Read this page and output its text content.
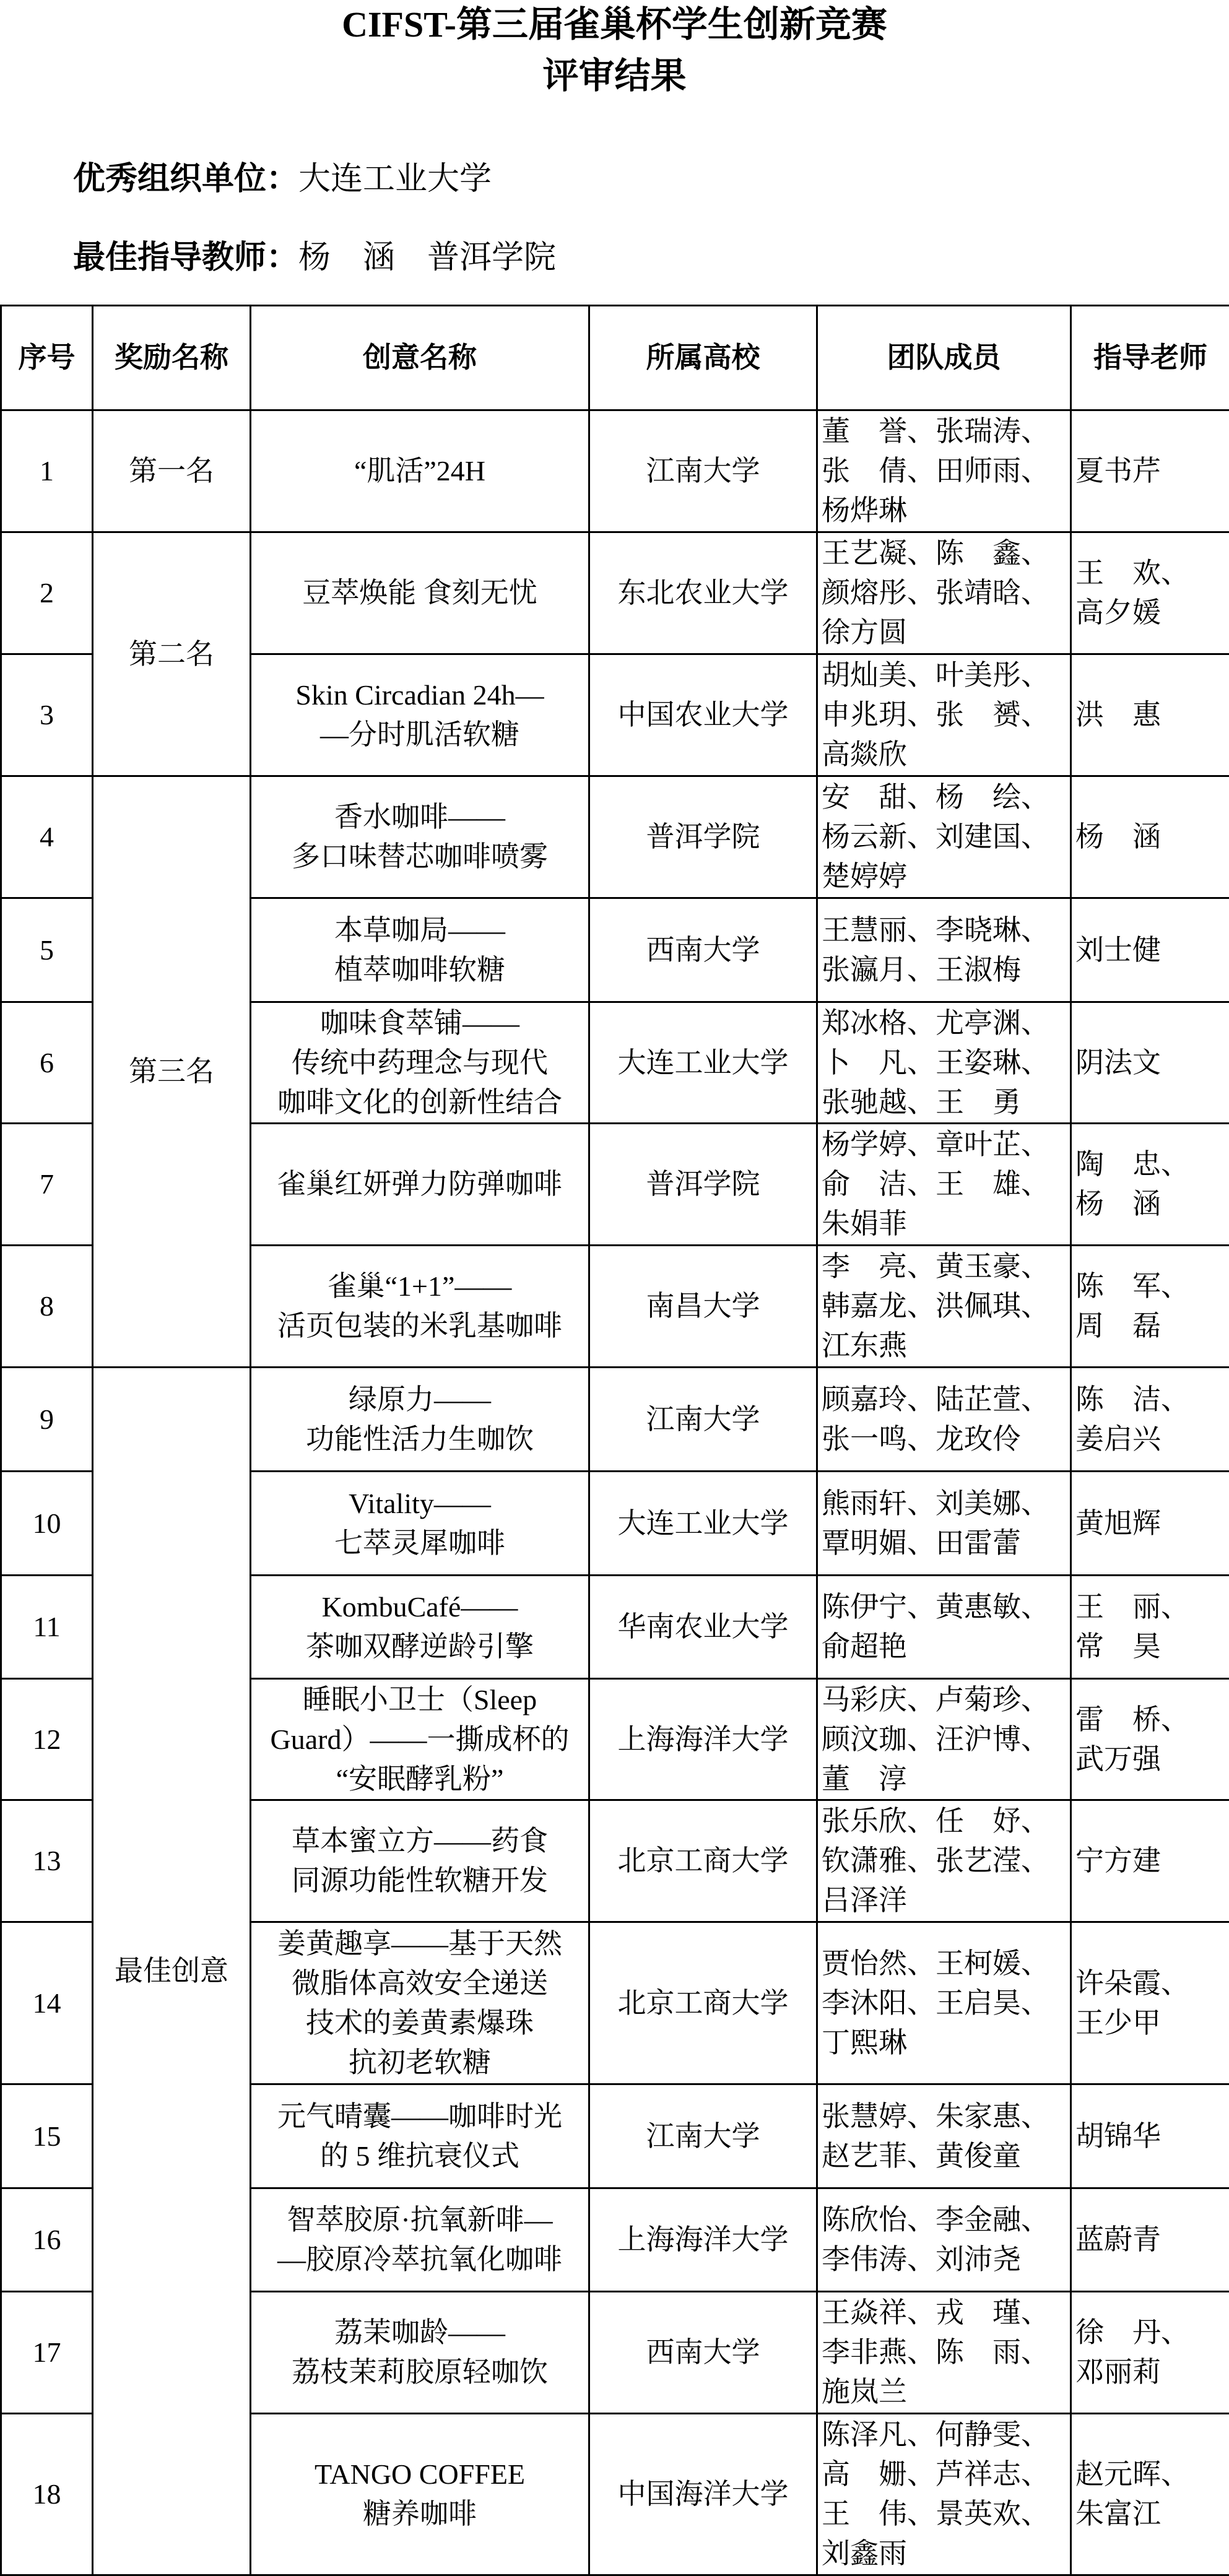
CIFST-第三届雀巢杯学生创新竞赛
评审结果
优秀组织单位：大连工业大学
最佳指导教师：杨　涵　普洱学院
序号	奖励名称	创意名称	所属高校	团队成员	指导老师
1	第一名	“肌活”24H	江南大学	董　誉、张瑞涛、
张　倩、田师雨、
杨烨琳	夏书芹

2	第二名	豆萃焕能 食刻无忧	东北农业大学	王艺凝、陈　鑫、
颜熔彤、张靖晗、
徐方圆	王　欢、
高夕媛

3		Skin Circadian 24h—
—分时肌活软糖	中国农业大学	胡灿美、叶美彤、
申兆玥、张　赟、
高燚欣	洪　惠

4	第三名	香水咖啡——
多口味替芯咖啡喷雾	普洱学院	安　甜、杨　绘、
杨云新、刘建国、
楚婷婷	杨　涵

5		本草咖局——
植萃咖啡软糖	西南大学	王慧丽、李晓琳、
张瀛月、王淑梅	刘士健

6		咖味食萃铺——
传统中药理念与现代
咖啡文化的创新性结合	大连工业大学	郑冰格、尤亭渊、
卜　凡、王姿琳、
张驰越、王　勇	阴法文

7		雀巢红妍弹力防弹咖啡	普洱学院	杨学婷、章叶芷、
俞　洁、王　雄、
朱娟菲	陶　忠、
杨　涵

8		雀巢“1+1”——
活页包装的米乳基咖啡	南昌大学	李　亮、黄玉豪、
韩嘉龙、洪佩琪、
江东燕	陈　军、
周　磊

9	最佳创意	绿原力——
功能性活力生咖饮	江南大学	顾嘉玲、陆芷萱、
张一鸣、龙玫伶	陈　洁、
姜启兴

10		Vitality——
七萃灵犀咖啡	大连工业大学	熊雨轩、刘美娜、
覃明媚、田雷蕾	黄旭辉

11		KombuCafé——
茶咖双酵逆龄引擎	华南农业大学	陈伊宁、黄惠敏、
俞超艳	王　丽、
常　昊

12		睡眠小卫士（Sleep
Guard）——一撕成杯的
“安眠酵乳粉”	上海海洋大学	马彩庆、卢菊珍、
顾汶珈、汪沪博、
董　淳	雷　桥、
武万强

13		草本蜜立方——药食
同源功能性软糖开发	北京工商大学	张乐欣、任　妤、
钦潇雅、张艺滢、
吕泽洋	宁方建

14		姜黄趣享——基于天然
微脂体高效安全递送
技术的姜黄素爆珠
抗初老软糖	北京工商大学	贾怡然、王柯媛、
李沐阳、王启昊、
丁熙琳	许朵霞、
王少甲

15		元气晴囊——咖啡时光
的 5 维抗衰仪式	江南大学	张慧婷、朱家惠、
赵艺菲、黄俊童	胡锦华

16		智萃胶原·抗氧新啡—
—胶原冷萃抗氧化咖啡	上海海洋大学	陈欣怡、李金融、
李伟涛、刘沛尧	蓝蔚青

17		荔茉咖龄——
荔枝茉莉胶原轻咖饮	西南大学	王焱祥、戎　瑾、
李非燕、陈　雨、
施岚兰	徐　丹、
邓丽莉

18		TANGO COFFEE
糖养咖啡	中国海洋大学	陈泽凡、何静雯、
高　姗、芦祥志、
王　伟、景英欢、
刘鑫雨	赵元晖、
朱富江
